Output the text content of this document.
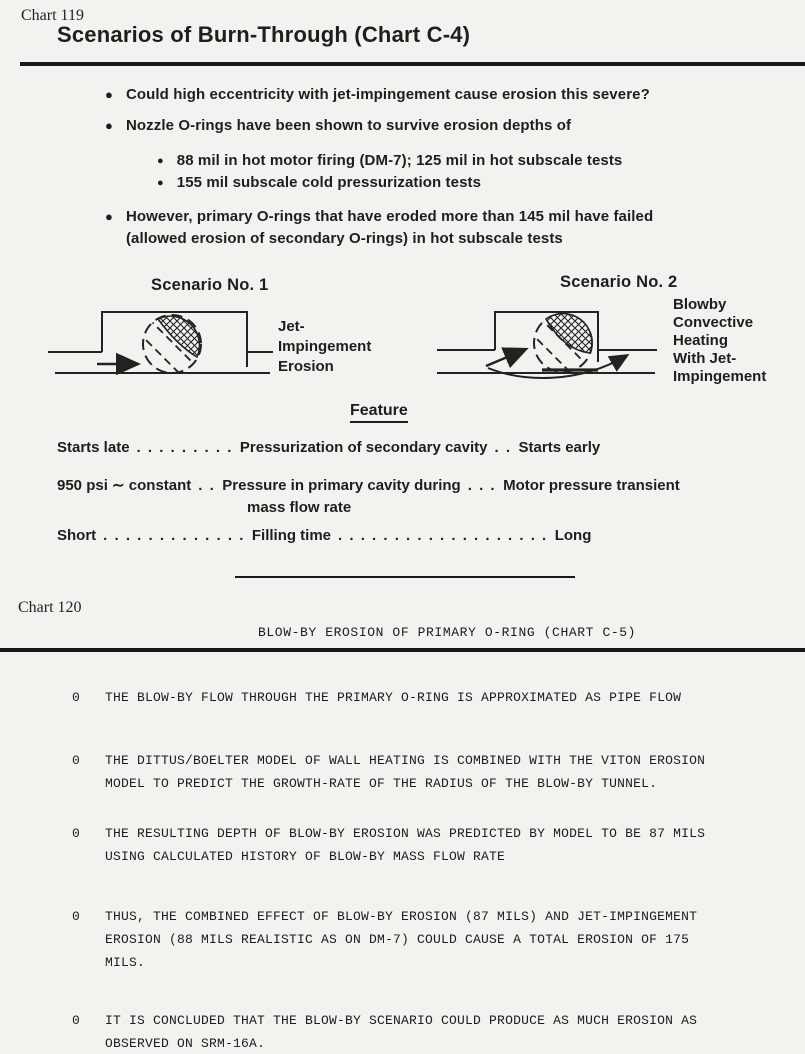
Chart 119
Scenarios of Burn-Through (Chart C-4)
● Could high eccentricity with jet-impingement cause erosion this severe?
● Nozzle O-rings have been shown to survive erosion depths of
● 88 mil in hot motor firing (DM-7); 125 mil in hot subscale tests
● 155 mil subscale cold pressurization tests
● However, primary O-rings that have eroded more than 145 mil have failed
(allowed erosion of secondary O-rings) in hot subscale tests
Scenario No. 1	Scenario No. 2
Jet-
Impingement
Erosion
Blowby
Convective
Heating
With Jet-
Impingement
Feature
Starts late . . . . . . . . . Pressurization of secondary cavity . . Starts early
950 psi ∼ constant . . Pressure in primary cavity during . . . Motor pressure transient
mass flow rate
Short . . . . . . . . . . . . . Filling time . . . . . . . . . . . . . . . . . . . Long
Chart 120
BLOW-BY EROSION OF PRIMARY O-RING (CHART C-5)
0 THE BLOW-BY FLOW THROUGH THE PRIMARY O-RING IS APPROXIMATED AS PIPE FLOW
0 THE DITTUS/BOELTER MODEL OF WALL HEATING IS COMBINED WITH THE VITON EROSION
MODEL TO PREDICT THE GROWTH-RATE OF THE RADIUS OF THE BLOW-BY TUNNEL.
0 THE RESULTING DEPTH OF BLOW-BY EROSION WAS PREDICTED BY MODEL TO BE 87 MILS
USING CALCULATED HISTORY OF BLOW-BY MASS FLOW RATE
0 THUS, THE COMBINED EFFECT OF BLOW-BY EROSION (87 MILS) AND JET-IMPINGEMENT
EROSION (88 MILS REALISTIC AS ON DM-7) COULD CAUSE A TOTAL EROSION OF 175
MILS.
0 IT IS CONCLUDED THAT THE BLOW-BY SCENARIO COULD PRODUCE AS MUCH EROSION AS
OBSERVED ON SRM-16A.
